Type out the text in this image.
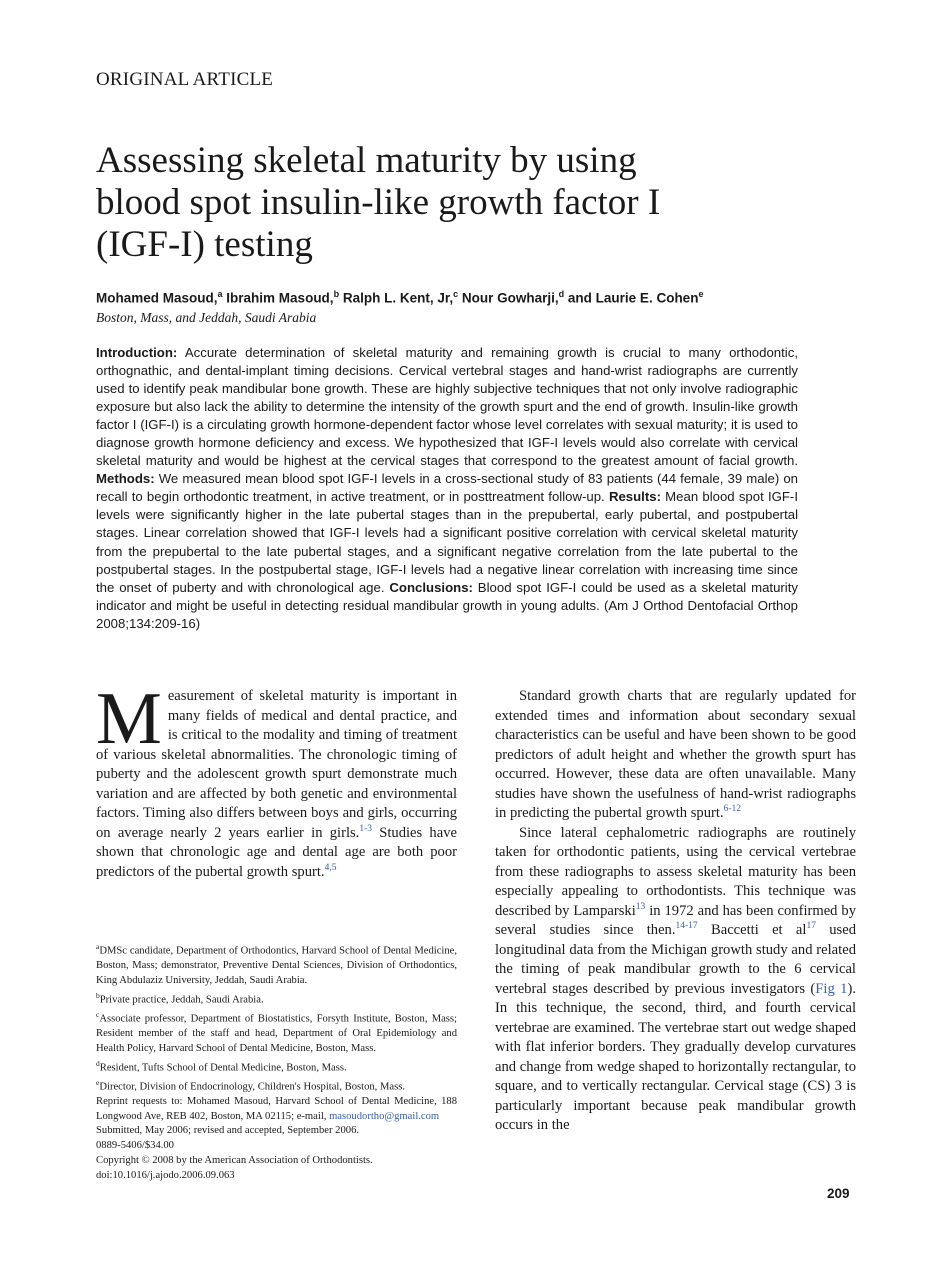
ORIGINAL ARTICLE
Assessing skeletal maturity by using blood spot insulin-like growth factor I (IGF-I) testing
Mohamed Masoud,$^a$ Ibrahim Masoud,$^b$ Ralph L. Kent, Jr,$^c$ Nour Gowharji,$^d$ and Laurie E. Cohen$^e$
Boston, Mass, and Jeddah, Saudi Arabia
Introduction: Accurate determination of skeletal maturity and remaining growth is crucial to many orthodontic, orthognathic, and dental-implant timing decisions. Cervical vertebral stages and hand-wrist radiographs are currently used to identify peak mandibular bone growth. These are highly subjective techniques that not only involve radiographic exposure but also lack the ability to determine the intensity of the growth spurt and the end of growth. Insulin-like growth factor I (IGF-I) is a circulating growth hormone-dependent factor whose level correlates with sexual maturity; it is used to diagnose growth hormone deficiency and excess. We hypothesized that IGF-I levels would also correlate with cervical skeletal maturity and would be highest at the cervical stages that correspond to the greatest amount of facial growth. Methods: We measured mean blood spot IGF-I levels in a cross-sectional study of 83 patients (44 female, 39 male) on recall to begin orthodontic treatment, in active treatment, or in posttreatment follow-up. Results: Mean blood spot IGF-I levels were significantly higher in the late pubertal stages than in the prepubertal, early pubertal, and postpubertal stages. Linear correlation showed that IGF-I levels had a significant positive correlation with cervical skeletal maturity from the prepubertal to the late pubertal stages, and a significant negative correlation from the late pubertal to the postpubertal stages. In the postpubertal stage, IGF-I levels had a negative linear correlation with increasing time since the onset of puberty and with chronological age. Conclusions: Blood spot IGF-I could be used as a skeletal maturity indicator and might be useful in detecting residual mandibular growth in young adults. (Am J Orthod Dentofacial Orthop 2008;134:209-16)

Measurement of skeletal maturity is important in many fields of medical and dental practice, and is critical to the modality and timing of treatment of various skeletal abnormalities. The chronologic timing of puberty and the adolescent growth spurt demonstrate much variation and are affected by both genetic and environmental factors. Timing also differs between boys and girls, occurring on average nearly 2 years earlier in girls.$^{1-3}$ Studies have shown that chronologic age and dental age are both poor predictors of the pubertal growth spurt.$^{4,5}$

Standard growth charts that are regularly updated for extended times and information about secondary sexual characteristics can be useful and have been shown to be good predictors of adult height and whether the growth spurt has occurred. However, these data are often unavailable. Many studies have shown the usefulness of hand-wrist radiographs in predicting the pubertal growth spurt.$^{6-12}$

Since lateral cephalometric radiographs are routinely taken for orthodontic patients, using the cervical vertebrae from these radiographs to assess skeletal maturity has been especially appealing to orthodontists. This technique was described by Lamparski$^{13}$ in 1972 and has been confirmed by several studies since then.$^{14-17}$ Baccetti et al$^{17}$ used longitudinal data from the Michigan growth study and related the timing of peak mandibular growth to the 6 cervical vertebral stages described by previous investigators (Fig 1). In this technique, the second, third, and fourth cervical vertebrae are examined. The vertebrae start out wedge shaped with flat inferior borders. They gradually develop curvatures and change from wedge shaped to horizontally rectangular, to square, and to vertically rectangular. Cervical stage (CS) 3 is particularly important because peak mandibular growth occurs in the

$^a$DMSc candidate, Department of Orthodontics, Harvard School of Dental Medicine, Boston, Mass; demonstrator, Preventive Dental Sciences, Division of Orthodontics, King Abdulaziz University, Jeddah, Saudi Arabia.

$^b$Private practice, Jeddah, Saudi Arabia.

$^c$Associate professor, Department of Biostatistics, Forsyth Institute, Boston, Mass; Resident member of the staff and head, Department of Oral Epidemiology and Health Policy, Harvard School of Dental Medicine, Boston, Mass.

$^d$Resident, Tufts School of Dental Medicine, Boston, Mass.

$^e$Director, Division of Endocrinology, Children's Hospital, Boston, Mass.

Reprint requests to: Mohamed Masoud, Harvard School of Dental Medicine, 188 Longwood Ave, REB 402, Boston, MA 02115; e-mail, masoudortho@gmail.com

Submitted, May 2006; revised and accepted, September 2006.

0889-5406/$34.00

Copyright © 2008 by the American Association of Orthodontists.

doi:10.1016/j.ajodo.2006.09.063

209
